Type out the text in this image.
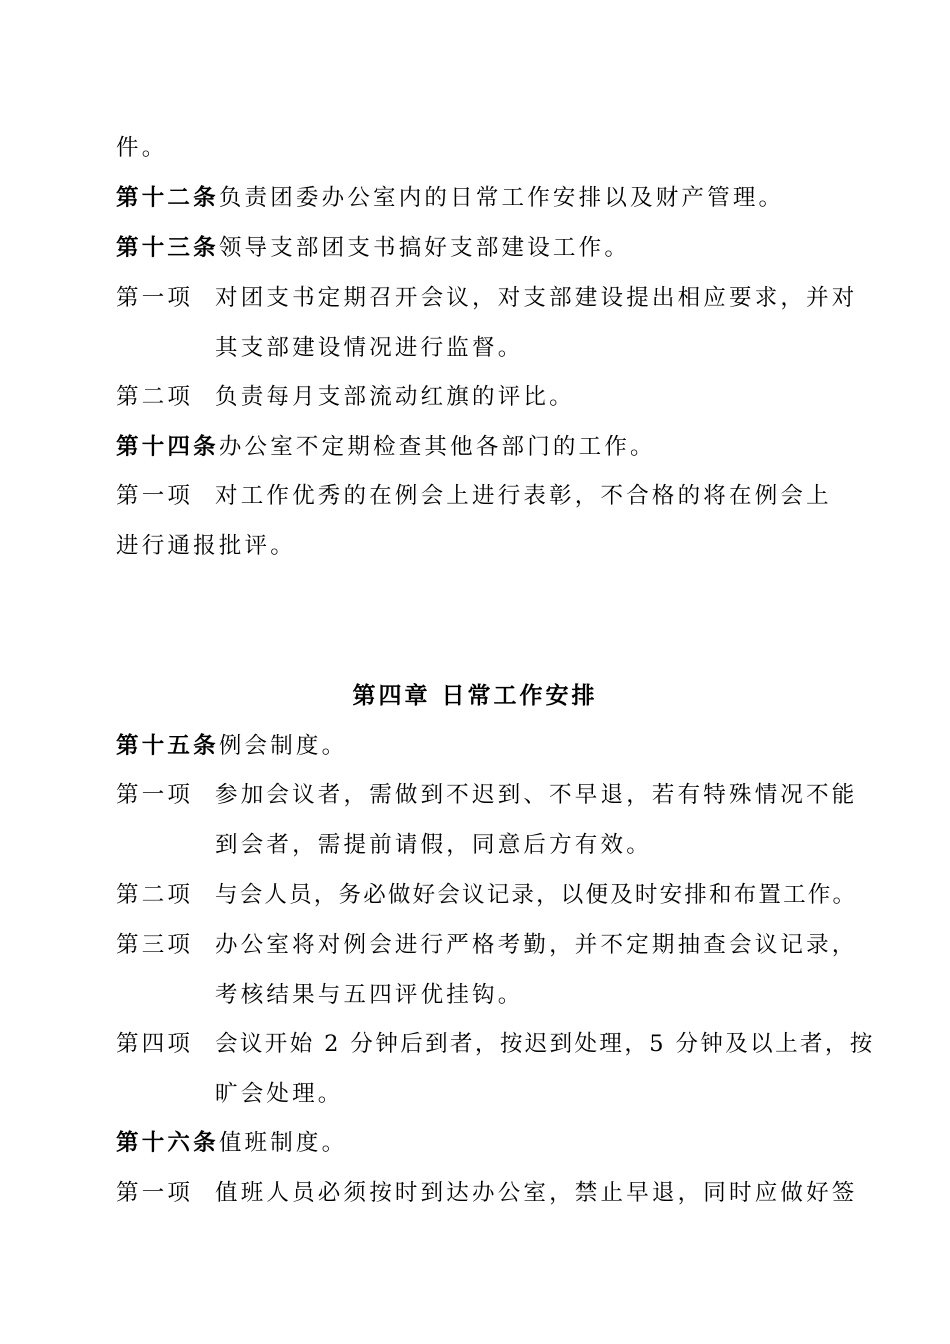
件。
第十二条负责团委办公室内的日常工作安排以及财产管理。
第十三条领导支部团支书搞好支部建设工作。
第一项 对团支书定期召开会议，对支部建设提出相应要求，并对
其支部建设情况进行监督。
第二项 负责每月支部流动红旗的评比。
第十四条办公室不定期检查其他各部门的工作。
第一项 对工作优秀的在例会上进行表彰，不合格的将在例会上
进行通报批评。
第四章 日常工作安排
第十五条例会制度。
第一项 参加会议者，需做到不迟到、不早退，若有特殊情况不能
到会者，需提前请假，同意后方有效。
第二项 与会人员，务必做好会议记录，以便及时安排和布置工作。
第三项 办公室将对例会进行严格考勤，并不定期抽查会议记录，
考核结果与五四评优挂钩。
第四项 会议开始 2 分钟后到者，按迟到处理，5 分钟及以上者，按
旷会处理。
第十六条值班制度。
第一项 值班人员必须按时到达办公室，禁止早退，同时应做好签
